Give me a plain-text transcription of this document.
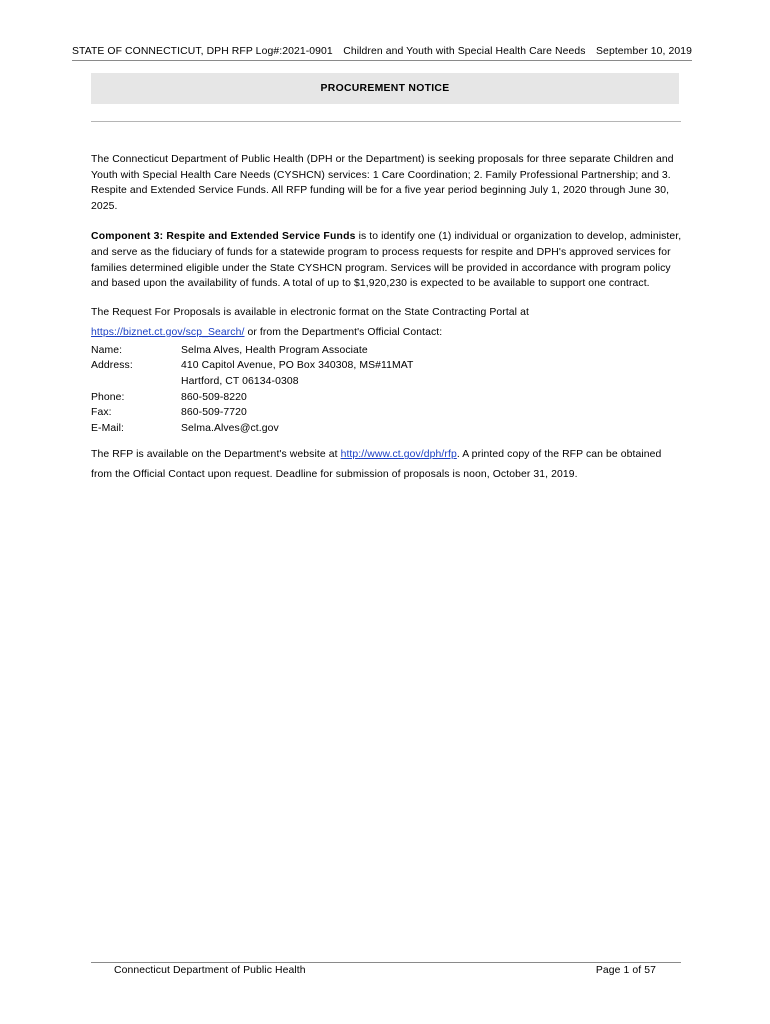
STATE OF CONNECTICUT, DPH RFP Log#:2021-0901 Children and Youth with Special Health Care Needs September 10, 2019
PROCUREMENT NOTICE

The Connecticut Department of Public Health (DPH or the Department) is seeking proposals for three separate Children and Youth with Special Health Care Needs (CYSHCN) services: 1 Care Coordination; 2. Family Professional Partnership; and 3. Respite and Extended Service Funds. All RFP funding will be for a five year period beginning July 1, 2020 through June 30, 2025.

Component 3: Respite and Extended Service Funds is to identify one (1) individual or organization to develop, administer, and serve as the fiduciary of funds for a statewide program to process requests for respite and DPH's approved services for families determined eligible under the State CYSHCN program. Services will be provided in accordance with program policy and based upon the availability of funds. A total of up to $1,920,230 is expected to be available to support one contract.

The Request For Proposals is available in electronic format on the State Contracting Portal at
https://biznet.ct.gov/scp_Search/ or from the Department's Official Contact:

Name:	Selma Alves, Health Program Associate
Address:	410 Capitol Avenue, PO Box 340308, MS#11MAT
Hartford, CT 06134-0308
Phone:	860-509-8220
Fax:	860-509-7720
E-Mail:	Selma.Alves@ct.gov

The RFP is available on the Department's website at http://www.ct.gov/dph/rfp. A printed copy of the RFP can be obtained from the Official Contact upon request. Deadline for submission of proposals is noon, October 31, 2019.

Connecticut Department of Public Health	Page 1 of 57
